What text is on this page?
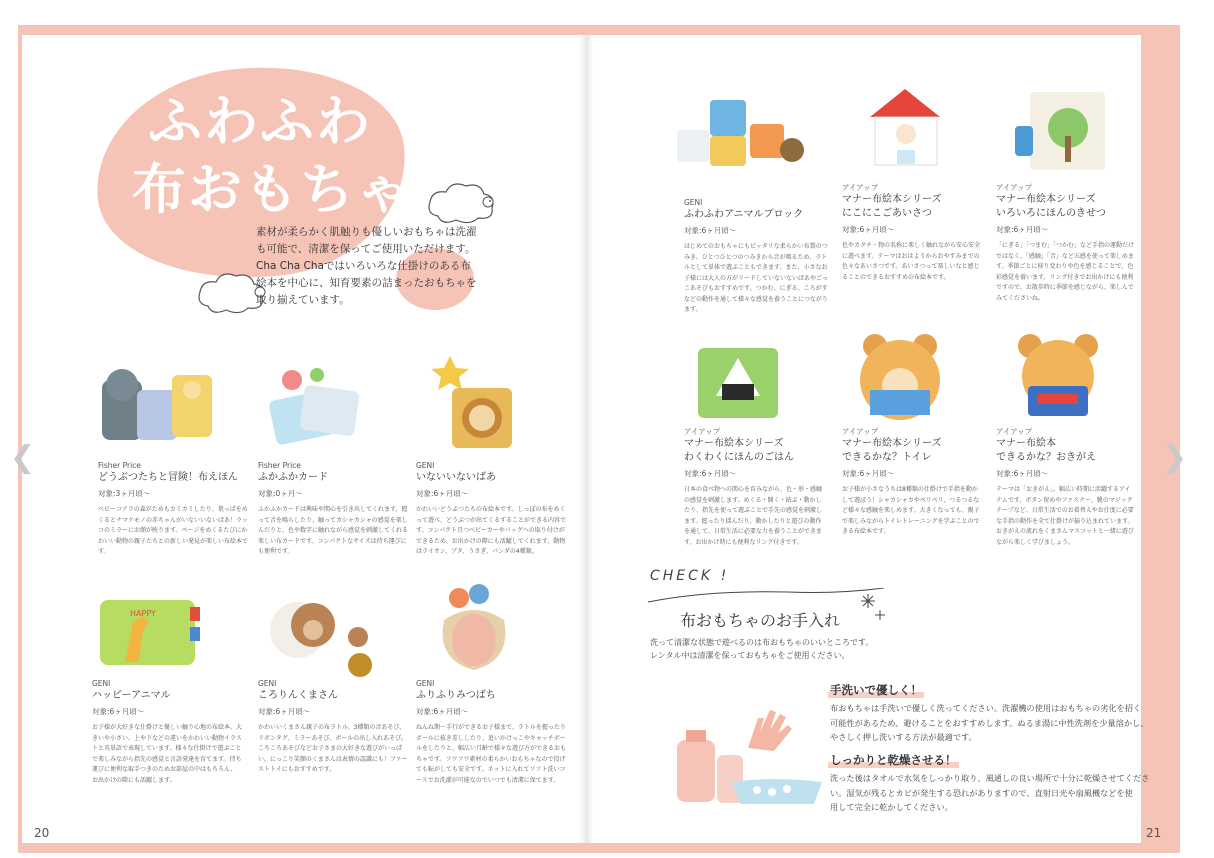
ふわふわ
布おもちゃ
素材が柔らかく肌触りも優しいおもちゃは洗濯
も可能で、清潔を保ってご使用いただけます。
Cha Cha Chaではいろいろな仕掛けのある布
絵本を中心に、知育要素の詰まったおもちゃを
取り揃えています。
HAPPY
Fisher Price
どうぶつたちと冒険！布えほん
対象:3ヶ月頃～
ベビーコアラの森がためもカミカミしたり、葉っぱをめくるとナマケモノの赤ちゃんがいないいないばあ！ラッコのミラーにお顔が映ります。ページをめくるたびにかわいい動物の親子たちとの新しい発見が楽しい布絵本です。
Fisher Price
ふかふかカード
対象:0ヶ月～
ふかふかカードは興味や関心を引き出してくれます。握って音を鳴らしたり、触ってカシャカシャの感覚を楽しんだりと、色や数字に触れながら感覚を刺激してくれる楽しい布カードです。コンパクトなサイズは持ち運びにも便利です。
GENI
いないいないばあ
対象:6ヶ月頃～
かわいいどうぶつたちの布絵本です。しっぽの布をめくって遊べ、どうぶつが出てくるすることができる内容です。コンパクト且つベビーカーやバッグへの取り付けができるため、お出かけの際にも活躍してくれます。動物はライオン、ブタ、うさぎ、パンダの4種類。
GENI
ハッピーアニマル
対象:6ヶ月頃～
お子様が大好きな仕掛けと優しい触り心地の布絵本。大きいや小さい、上や下などの違いをかわいい動物イラストと英単語で表現しています。様々な仕掛けで遊ぶことで楽しみながら指先の感覚と言語発達を育てます。持ち運びに便利な取手つきのためお部屋の中はもちろん、お出かけの際にも活躍します。
GENI
ころりんくまさん
対象:6ヶ月頃～
かわいいくまさん親子の布ラトル。3種類の音あそび、リボンタグ、ミラーあそび、ボールの出し入れあそび。ころころあそびなどお子さまの大好きな遊びがいっぱい。にっこり笑顔のくまさんは表情の認識にも！ファーストトイにもおすすめです。
GENI
ふりふりみつばち
対象:6ヶ月頃～
ねんね期〜手行ができるお子様まで、ラトルを握ったりボールに抜き差ししたり、追いかけっこやキャッチボールをしたりと、幅広い月齢で様々な遊び方ができるおもちゃです。フワフワ素材の柔らかいおもちゃなので投げても転がしても安全です。ネットに入れてソフト洗いコースでお洗濯が可能なのでいつでも清潔に保てます。
GENI
ふわふわアニマルブロック
対象:6ヶ月頃～
はじめてのおもちゃにもピッタリな柔らかい布製のつみき。ひとつひとつのつみきから音が鳴るため、ラトルとして単体で遊ぶこともできます。また、小さなお子様には大人の方がリードしていないないばあやごっこあそびもおすすめです。つかむ、にぎる、ころがすなどの動作を通して様々な感覚を養うことにつながります。
アイアップ
マナー布絵本シリーズ
にこにこごあいさつ
対象:6ヶ月頃～
色やカタチ・物の名称に楽しく触れながら安心安全に遊べます。テーマはおはようからおやすみまでの色々なあいさつです。あいさつって楽しいなと感じることのできるおすすめの布絵本です。
アイアップ
マナー布絵本シリーズ
いろいろにほんのきせつ
対象:6ヶ月頃～
「にぎる」「つまむ」「つかむ」など手指の運動だけではなく、「感触」「音」など五感を使って楽しめます。季節ごとに移り変わりや色を感じることで、色彩感覚を養います。リング付きでお出かけにも便利ですので、お散歩時に季節を感じながら、楽しんでみてくださいね。
アイアップ
マナー布絵本シリーズ
わくわくにほんのごはん
対象:6ヶ月頃～
日本の食べ物への関心を育みながら、色・形・感触の感覚を刺激します。めくる・開く・結ぶ・動かしたり、指先を使って遊ぶことで手先の感覚を刺激します。握ったり揺んだり、動かしたりと遊びの動作を通して、日常生活に必要な力を養うことができます。お出かけ時にも便利なリング付きです。
アイアップ
マナー布絵本シリーズ
できるかな？トイレ
対象:6ヶ月頃～
お子様が小さなうちは8種類の仕掛けで手指を動かして遊ぼう！シャカシャカやペリペリ、つるつるなど様々な感触を楽しめます。大きくなっても、親子で楽しみながらトイレトレーニングを学ぶことのできる布絵本です。
アイアップ
マナー布絵本
できるかな？おきがえ
対象:6ヶ月頃～
テーマは「おきがえ」。幅広い時期に活躍するアイテムです。ボタン留めやファスナー、靴のマジックテープなど、日常生活でのお着替えやお仕度に必要な手指の動作を全て仕掛けが揃り込まれています。おきがえの流れをくまさんマスコットと一緒に遊びながら楽しく学びましょう。
CHECK !
布おもちゃのお手入れ
洗って清潔な状態で遊べるのは布おもちゃのいいところです。
レンタル中は清潔を保っておもちゃをご使用ください。
手洗いで優しく！
布おもちゃは手洗いで優しく洗ってください。洗濯機の使用はおもちゃの劣化を招く
可能性があるため、避けることをおすすめします。ぬるま湯に中性洗剤を少量溶かし、
やさしく押し洗いする方法が最適です。
しっかりと乾燥させる！
洗った後はタオルで水気をしっかり取り、風通しの良い場所で十分に乾燥させてくださ
い。湿気が残るとカビが発生する恐れがありますので、直射日光や扇風機などを使
用して完全に乾かしてください。
20	21
❮	❯
